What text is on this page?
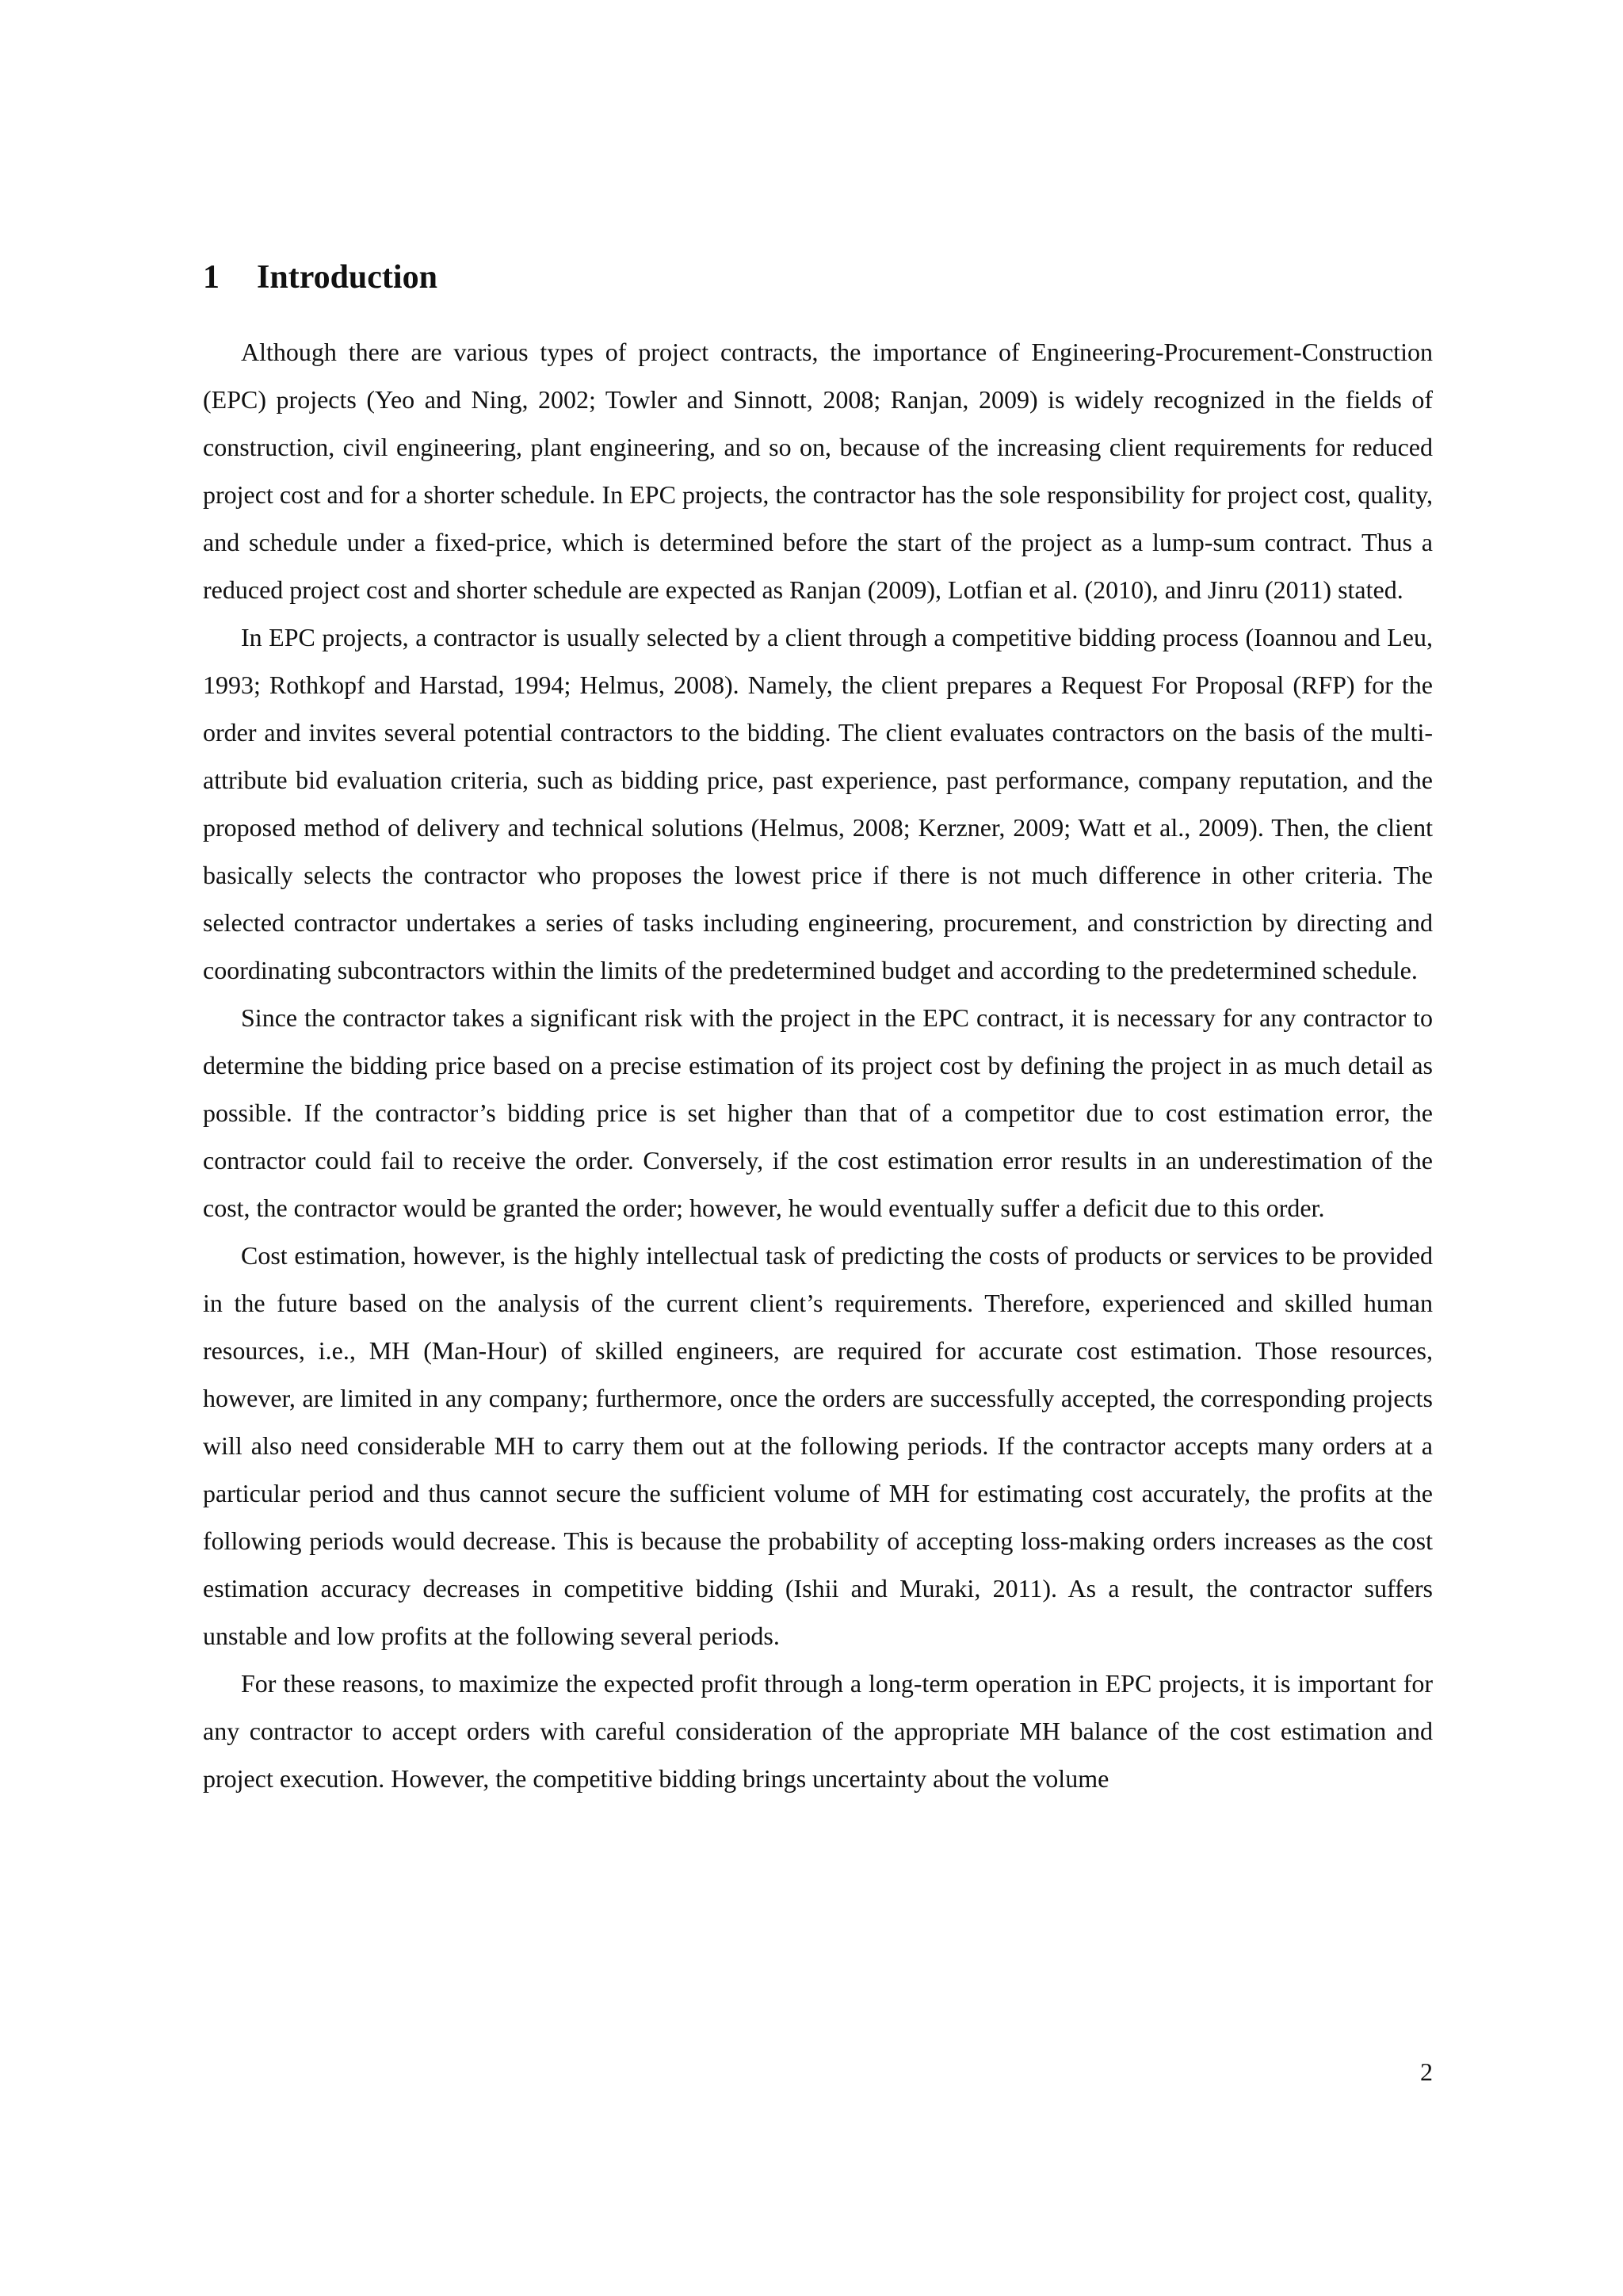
1 Introduction

Although there are various types of project contracts, the importance of Engineering-Procurement-Construction (EPC) projects (Yeo and Ning, 2002; Towler and Sinnott, 2008; Ranjan, 2009) is widely recognized in the fields of construction, civil engineering, plant engineering, and so on, because of the increasing client requirements for reduced project cost and for a shorter schedule. In EPC projects, the contractor has the sole responsibility for project cost, quality, and schedule under a fixed-price, which is determined before the start of the project as a lump-sum contract. Thus a reduced project cost and shorter schedule are expected as Ranjan (2009), Lotfian et al. (2010), and Jinru (2011) stated.

In EPC projects, a contractor is usually selected by a client through a competitive bidding process (Ioannou and Leu, 1993; Rothkopf and Harstad, 1994; Helmus, 2008). Namely, the client prepares a Request For Proposal (RFP) for the order and invites several potential contractors to the bidding. The client evaluates contractors on the basis of the multi-attribute bid evaluation criteria, such as bidding price, past experience, past performance, company reputation, and the proposed method of delivery and technical solutions (Helmus, 2008; Kerzner, 2009; Watt et al., 2009). Then, the client basically selects the contractor who proposes the lowest price if there is not much difference in other criteria. The selected contractor undertakes a series of tasks including engineering, procurement, and constriction by directing and coordinating subcontractors within the limits of the predetermined budget and according to the predetermined schedule.

Since the contractor takes a significant risk with the project in the EPC contract, it is necessary for any contractor to determine the bidding price based on a precise estimation of its project cost by defining the project in as much detail as possible. If the contractor’s bidding price is set higher than that of a competitor due to cost estimation error, the contractor could fail to receive the order. Conversely, if the cost estimation error results in an underestimation of the cost, the contractor would be granted the order; however, he would eventually suffer a deficit due to this order.

Cost estimation, however, is the highly intellectual task of predicting the costs of products or services to be provided in the future based on the analysis of the current client’s requirements. Therefore, experienced and skilled human resources, i.e., MH (Man-Hour) of skilled engineers, are required for accurate cost estimation. Those resources, however, are limited in any company; furthermore, once the orders are successfully accepted, the corresponding projects will also need considerable MH to carry them out at the following periods. If the contractor accepts many orders at a particular period and thus cannot secure the sufficient volume of MH for estimating cost accurately, the profits at the following periods would decrease. This is because the probability of accepting loss-making orders increases as the cost estimation accuracy decreases in competitive bidding (Ishii and Muraki, 2011). As a result, the contractor suffers unstable and low profits at the following several periods.

For these reasons, to maximize the expected profit through a long-term operation in EPC projects, it is important for any contractor to accept orders with careful consideration of the appropriate MH balance of the cost estimation and project execution. However, the competitive bidding brings uncertainty about the volume

2
